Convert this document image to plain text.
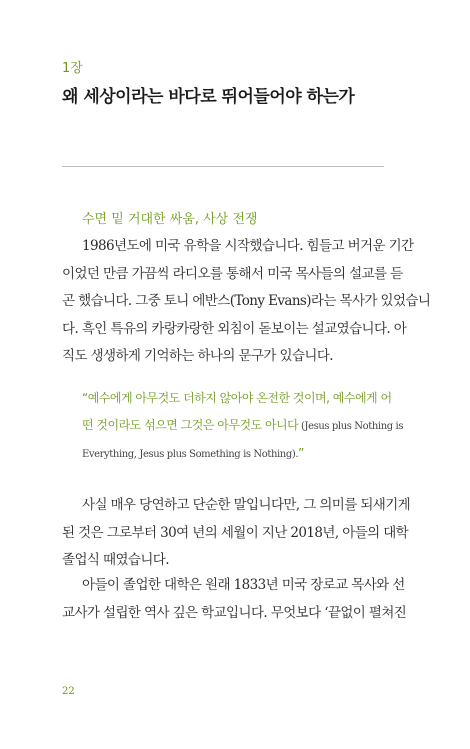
1장
왜 세상이라는 바다로 뛰어들어야 하는가
수면 밑 거대한 싸움, 사상 전쟁

1986년도에 미국 유학을 시작했습니다. 힘들고 버거운 기간
이었던 만큼 가끔씩 라디오를 통해서 미국 목사들의 설교를 듣
곤 했습니다. 그중 토니 에반스(Tony Evans)라는 목사가 있었습니
다. 흑인 특유의 카랑카랑한 외침이 돋보이는 설교였습니다. 아
직도 생생하게 기억하는 하나의 문구가 있습니다.

“예수에게 아무것도 더하지 않아야 온전한 것이며, 예수에게 어
떤 것이라도 섞으면 그것은 아무것도 아니다 (Jesus plus Nothing is
Everything, Jesus plus Something is Nothing).”

사실 매우 당연하고 단순한 말입니다만, 그 의미를 되새기게
된 것은 그로부터 30여 년의 세월이 지난 2018년, 아들의 대학
졸업식 때였습니다.

아들이 졸업한 대학은 원래 1833년 미국 장로교 목사와 선
교사가 설립한 역사 깊은 학교입니다. 무엇보다 ‘끝없이 펼쳐진

22
